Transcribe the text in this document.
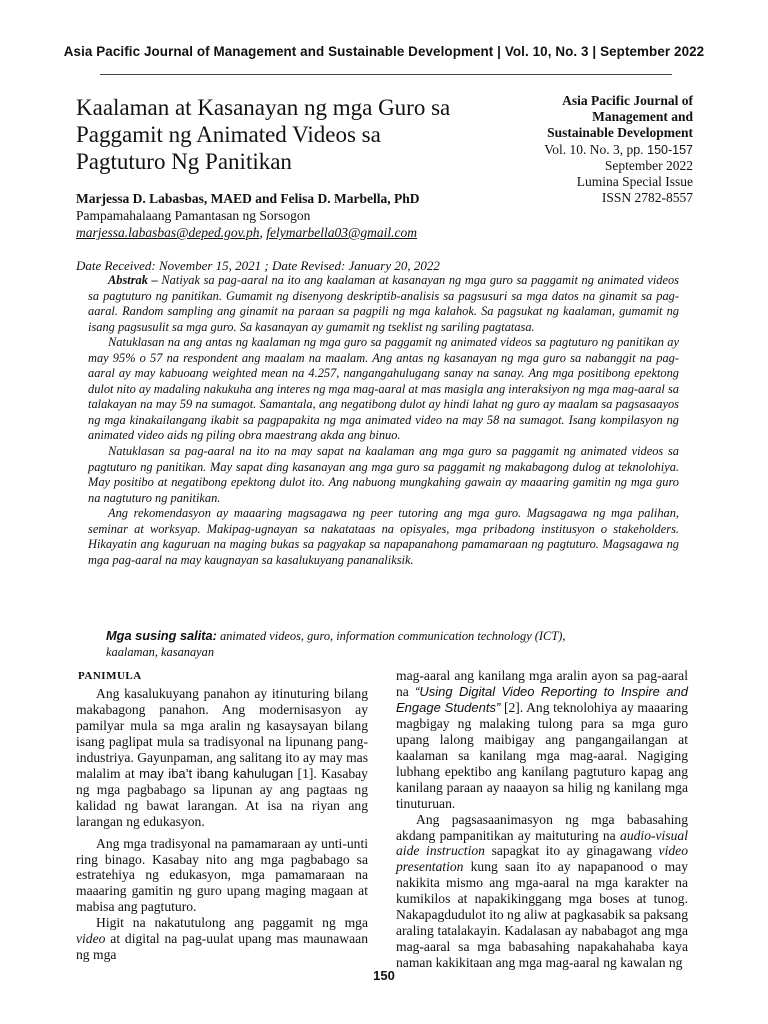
Asia Pacific Journal of Management and Sustainable Development | Vol. 10, No. 3 | September 2022
Kaalaman at Kasanayan ng mga Guro sa
Paggamit ng Animated Videos sa
Pagtuturo Ng Panitikan
Asia Pacific Journal of
Management and
Sustainable Development
Vol. 10. No. 3, pp. 150-157
September 2022
Lumina Special Issue
ISSN 2782-8557
Marjessa D. Labasbas, MAED and Felisa D. Marbella, PhD
Pampamahalaang Pamantasan ng Sorsogon
marjessa.labasbas@deped.gov.ph, felymarbella03@gmail.com
Date Received: November 15, 2021 ; Date Revised: January 20, 2022

Abstrak – Natiyak sa pag-aaral na ito ang kaalaman at kasanayan ng mga guro sa paggamit ng animated videos sa pagtuturo ng panitikan. Gumamit ng disenyong deskriptib-analisis sa pagsusuri sa mga datos na ginamit sa pag-aaral. Random sampling ang ginamit na paraan sa pagpili ng mga kalahok. Sa pagsukat ng kaalaman, gumamit ng isang pagsusulit sa mga guro. Sa kasanayan ay gumamit ng tseklist ng sariling pagtatasa.

Natuklasan na ang antas ng kaalaman ng mga guro sa paggamit ng animated videos sa pagtuturo ng panitikan ay may 95% o 57 na respondent ang maalam na maalam. Ang antas ng kasanayan ng mga guro sa nabanggit na pag-aaral ay may kabuoang weighted mean na 4.257, nangangahulugang sanay na sanay. Ang mga positibong epektong dulot nito ay madaling nakukuha ang interes ng mga mag-aaral at mas masigla ang interaksiyon ng mga mag-aaral sa talakayan na may 59 na sumagot. Samantala, ang negatibong dulot ay hindi lahat ng guro ay maalam sa pagsasaayos ng mga kinakailangang ikabit sa pagpapakita ng mga animated video na may 58 na sumagot. Isang kompilasyon ng animated video aids ng piling obra maestrang akda ang binuo.

Natuklasan sa pag-aaral na ito na may sapat na kaalaman ang mga guro sa paggamit ng animated videos sa pagtuturo ng panitikan. May sapat ding kasanayan ang mga guro sa paggamit ng makabagong dulog at teknolohiya. May positibo at negatibong epektong dulot ito. Ang nabuong mungkahing gawain ay maaaring gamitin ng mga guro na nagtuturo ng panitikan.

Ang rekomendasyon ay maaaring magsagawa ng peer tutoring ang mga guro. Magsagawa ng mga palihan, seminar at worksyap. Makipag-ugnayan sa nakatataas na opisyales, mga pribadong institusyon o stakeholders. Hikayatin ang kaguruan na maging bukas sa pagyakap sa napapanahong pamamaraan ng pagtuturo. Magsagawa ng mga pag-aaral na may kaugnayan sa kasalukuyang pananaliksik.

Mga susing salita: animated videos, guro, information communication technology (ICT),
kaalaman, kasanayan
PANIMULA

Ang kasalukuyang panahon ay itinuturing bilang makabagong panahon. Ang modernisasyon ay pamilyar mula sa mga aralin ng kasaysayan bilang isang paglipat mula sa tradisyonal na lipunang pang-industriya. Gayunpaman, ang salitang ito ay may mas malalim at may iba’t ibang kahulugan [1]. Kasabay ng mga pagbabago sa lipunan ay ang pagtaas ng kalidad ng bawat larangan. At isa na riyan ang larangan ng edukasyon.

Ang mga tradisyonal na pamamaraan ay unti-unti ring binago. Kasabay nito ang mga pagbabago sa estratehiya ng edukasyon, mga pamamaraan na maaaring gamitin ng guro upang maging magaan at mabisa ang pagtuturo.

Higit na nakatutulong ang paggamit ng mga video at digital na pag-uulat upang mas maunawaan ng mga

mag-aaral ang kanilang mga aralin ayon sa pag-aaral na “Using Digital Video Reporting to Inspire and Engage Students” [2]. Ang teknolohiya ay maaaring magbigay ng malaking tulong para sa mga guro upang lalong maibigay ang pangangailangan at kaalaman sa kanilang mga mag-aaral. Nagiging lubhang epektibo ang kanilang pagtuturo kapag ang kanilang paraan ay naaayon sa hilig ng kanilang mga tinuturuan.

Ang pagsasaanimasyon ng mga babasahing akdang pampanitikan ay maituturing na audio-visual aide instruction sapagkat ito ay ginagawang video presentation kung saan ito ay napapanood o may nakikita mismo ang mga-aaral na mga karakter na kumikilos at napakikinggang mga boses at tunog. Nakapagdudulot ito ng aliw at pagkasabik sa paksang araling tatalakayin. Kadalasan ay nababagot ang mga mag-aaral sa mga babasahing napakahahaba kaya naman kakikitaan ang mga mag-aaral ng kawalan ng

150
